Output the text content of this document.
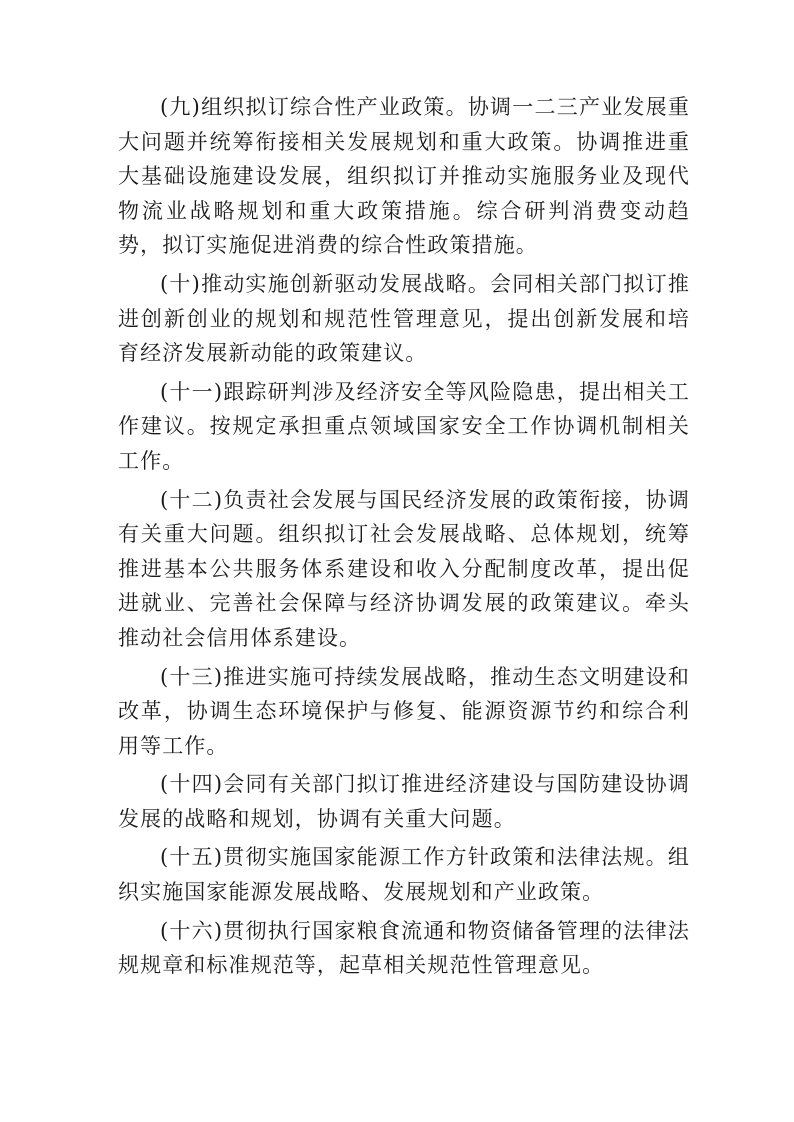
(九)组织拟订综合性产业政策。协调一二三产业发展重大问题并统筹衔接相关发展规划和重大政策。协调推进重大基础设施建设发展，组织拟订并推动实施服务业及现代物流业战略规划和重大政策措施。综合研判消费变动趋势，拟订实施促进消费的综合性政策措施。

(十)推动实施创新驱动发展战略。会同相关部门拟订推进创新创业的规划和规范性管理意见，提出创新发展和培育经济发展新动能的政策建议。

(十一)跟踪研判涉及经济安全等风险隐患，提出相关工作建议。按规定承担重点领域国家安全工作协调机制相关工作。

(十二)负责社会发展与国民经济发展的政策衔接，协调有关重大问题。组织拟订社会发展战略、总体规划，统筹推进基本公共服务体系建设和收入分配制度改革，提出促进就业、完善社会保障与经济协调发展的政策建议。牵头推动社会信用体系建设。

(十三)推进实施可持续发展战略，推动生态文明建设和改革，协调生态环境保护与修复、能源资源节约和综合利用等工作。

(十四)会同有关部门拟订推进经济建设与国防建设协调发展的战略和规划，协调有关重大问题。

(十五)贯彻实施国家能源工作方针政策和法律法规。组织实施国家能源发展战略、发展规划和产业政策。

(十六)贯彻执行国家粮食流通和物资储备管理的法律法规规章和标准规范等，起草相关规范性管理意见。
